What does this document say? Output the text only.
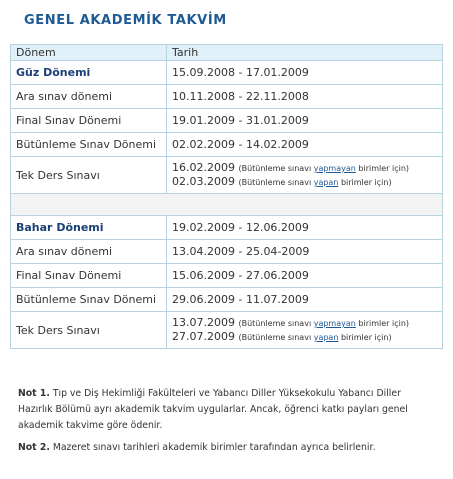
GENEL AKADEMİK TAKVİM
Dönem	Tarih
Güz Dönemi	15.09.2008 - 17.01.2009
Ara sınav dönemi	10.11.2008 - 22.11.2008
Final Sınav Dönemi	19.01.2009 - 31.01.2009
Bütünleme Sınav Dönemi	02.02.2009 - 14.02.2009
Tek Ders Sınavı	16.02.2009 (Bütünleme sınavı yapmayan birimler için)
02.03.2009 (Bütünleme sınavı yapan birimler için)

Bahar Dönemi	19.02.2009 - 12.06.2009
Ara sınav dönemi	13.04.2009 - 25.04-2009
Final Sınav Dönemi	15.06.2009 - 27.06.2009
Bütünleme Sınav Dönemi	29.06.2009 - 11.07.2009
Tek Ders Sınavı	13.07.2009 (Bütünleme sınavı yapmayan birimler için)
27.07.2009 (Bütünleme sınavı yapan birimler için)

Not 1. Tıp ve Diş Hekimliği Fakülteleri ve Yabancı Diller Yüksekokulu Yabancı Diller Hazırlık Bölümü ayrı akademik takvim uygularlar. Ancak, öğrenci katkı payları genel akademik takvime göre ödenir.

Not 2. Mazeret sınavı tarihleri akademik birimler tarafından ayrıca belirlenir.
